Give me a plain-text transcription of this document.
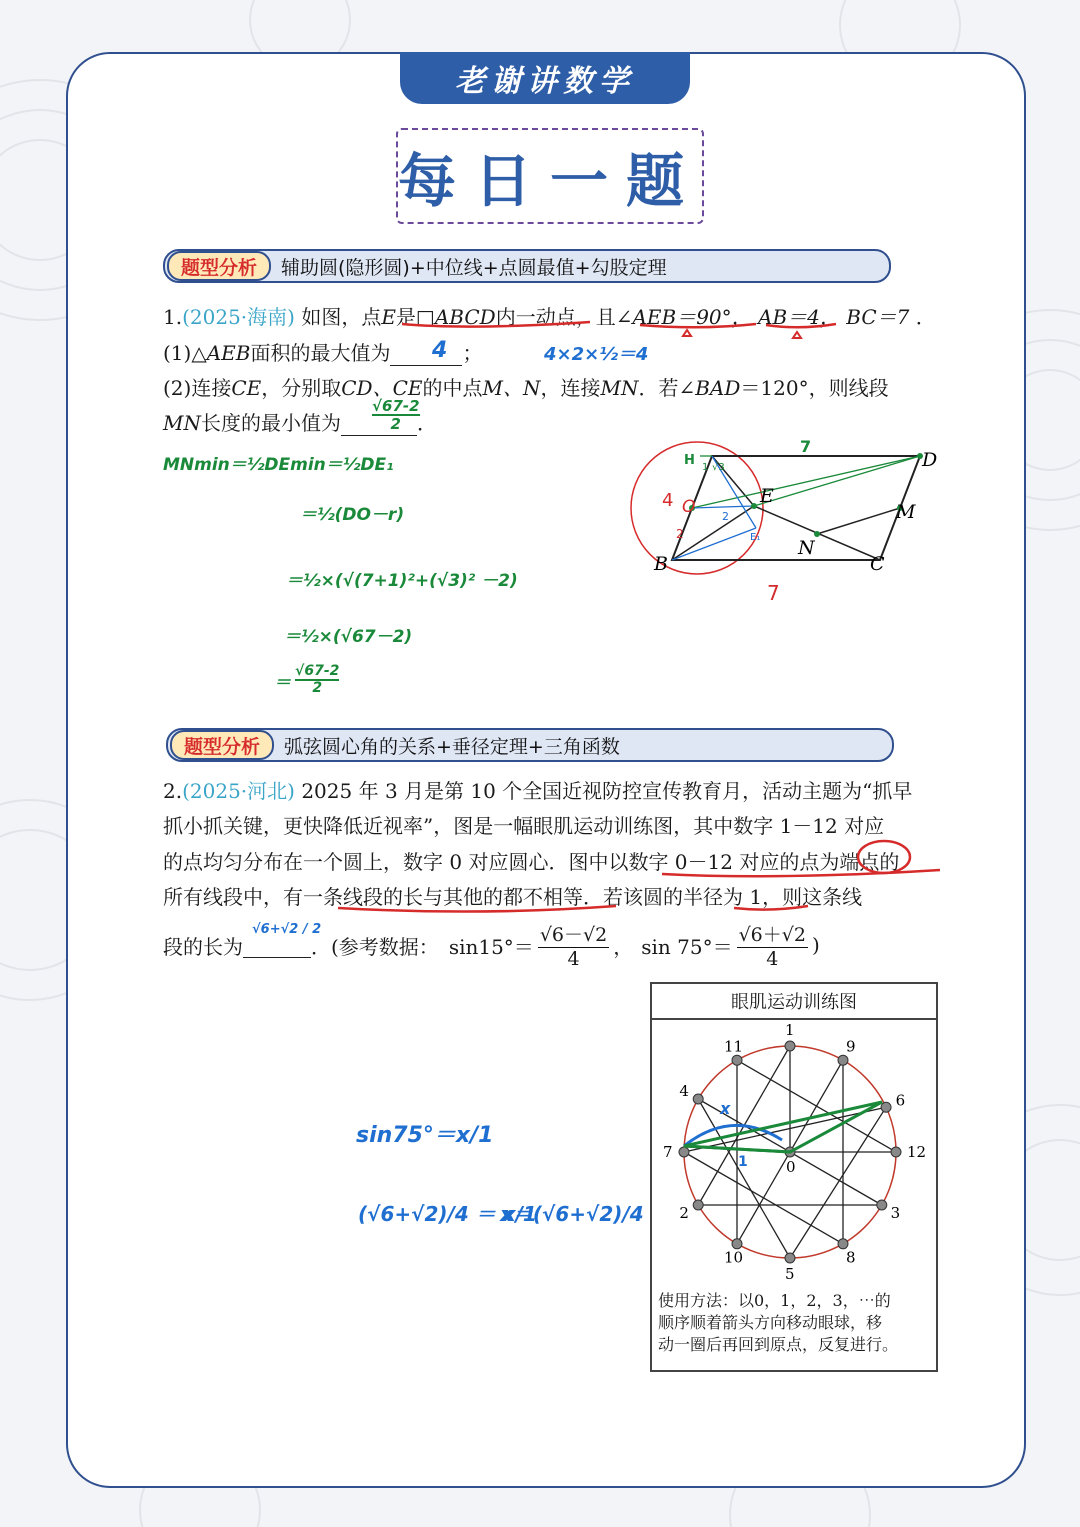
老谢讲数学
每日一题
题型分析	辅助圆(隐形圆)+中位线+点圆最值+勾股定理
1.(2025·海南) 如图，点E是□ABCD内一动点，且∠AEB＝90°， AB＝4， BC＝7 ．
(1)△AEB面积的最大值为	；
(2)连接CE，分别取CD、CE的中点M、N，连接MN．若∠BAD＝120°，则线段
MN长度的最小值为	．
4	4×2×½＝4
$\frac{√67-2}{2}$
MNmin＝½DEmin＝½DE₁
＝½(DO－r)
＝½×(√(7+1)²+(√3)² －2)
＝½×(√67－2)
＝ $\frac{√67-2}{2}$
B	C
D
E
M
N
7
7
4 O
H
2
2
E₁
1 √3
题型分析	弧弦圆心角的关系+垂径定理+三角函数
2.(2025·河北) 2025 年 3 月是第 10 个全国近视防控宣传教育月，活动主题为“抓早
抓小抓关键，更快降低近视率”，图是一幅眼肌运动训练图，其中数字 1－12 对应
的点均匀分布在一个圆上，数字 0 对应圆心．图中以数字 0－12 对应的点为端点的
所有线段中，有一条线段的长与其他的都不相等．若该圆的半径为 1，则这条线
段的长为
	．(参考数据： $\sin 15^\circ= \frac{√6-√2}{4}$ ， $\sin 75^\circ= \frac{√6+√2}{4}$ )
√6+√2 / 2
sin75°＝x/1
(√6+√2)/4 ＝ x/1
x＝(√6+√2)/4
眼肌运动训练图
1
9
6
12
3
8
5
10
2
7
4
11
0
x
1
使用方法：以0，1，2，3，⋯的
顺序顺着箭头方向移动眼球，移
动一圈后再回到原点，反复进行。
